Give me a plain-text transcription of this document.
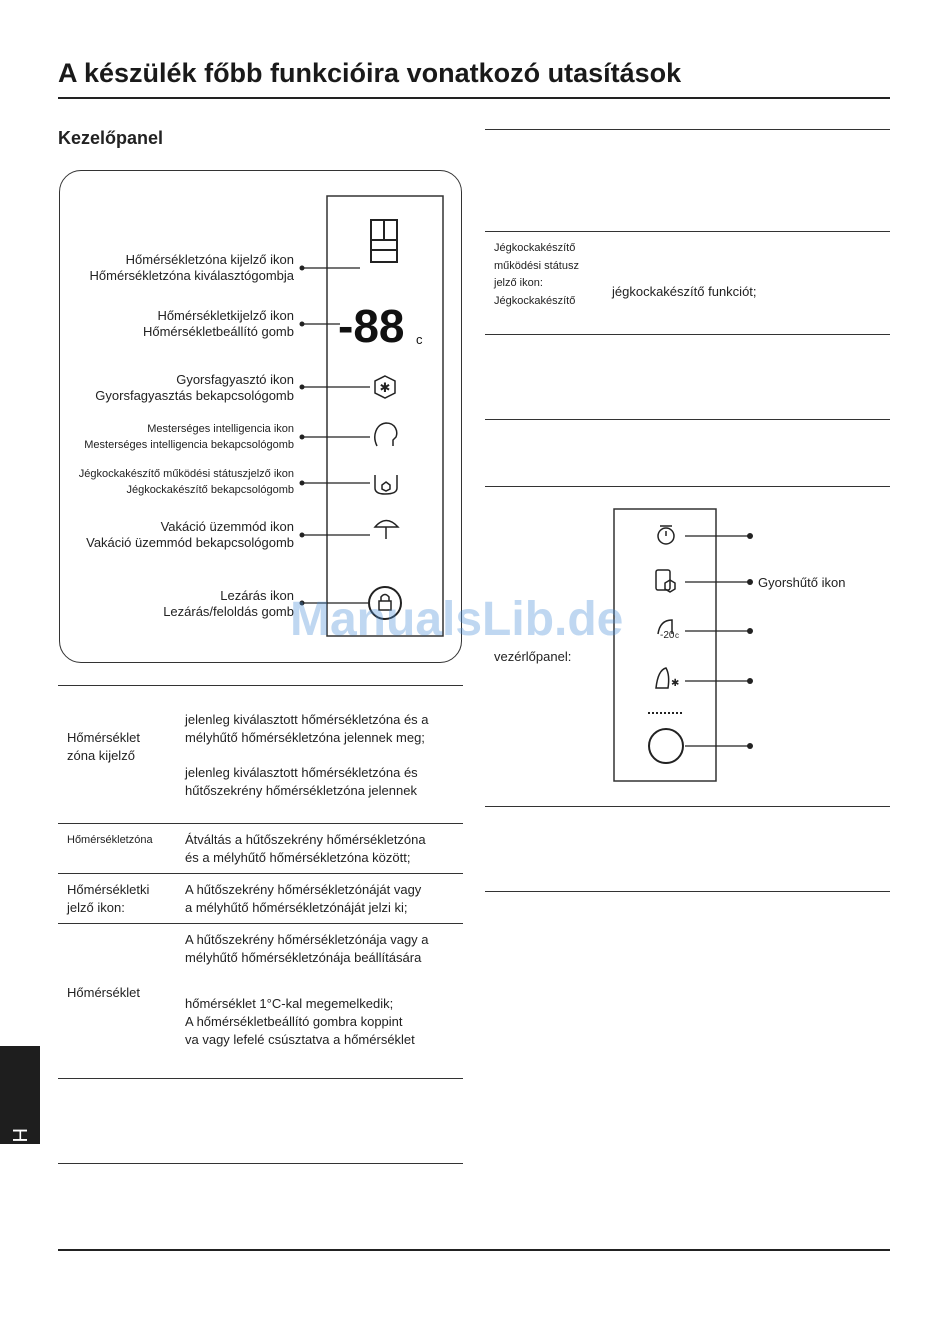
A készülék főbb funkcióira vonatkozó utasítások
Kezelőpanel
-88 c
✱
Hőmérsékletzóna kijelző ikon
Hőmérsékletzóna kiválasztógombja
Hőmérsékletkijelző ikon
Hőmérsékletbeállító gomb
Gyorsfagyasztó ikon
Gyorsfagyasztás bekapcsológomb
Mesterséges intelligencia ikon
Mesterséges intelligencia bekapcsológomb
Jégkockakészítő működési státuszjelző ikon
Jégkockakészítő bekapcsológomb
Vakáció üzemmód ikon
Vakáció üzemmód bekapcsológomb
Lezárás ikon
Lezárás/feloldás gomb
Hőmérséklet
zóna kijelző
jelenleg kiválasztott hőmérsékletzóna és a
mélyhűtő hőmérsékletzóna jelennek meg;
jelenleg kiválasztott hőmérsékletzóna és
hűtőszekrény hőmérsékletzóna jelennek
Hőmérsékletzóna Átváltás a hűtőszekrény hőmérsékletzóna
és a mélyhűtő hőmérsékletzóna között;
Hőmérsékletki
jelző ikon:
A hűtőszekrény hőmérsékletzónáját vagy
a mélyhűtő hőmérsékletzónáját jelzi ki;
Hőmérséklet
A hűtőszekrény hőmérsékletzónája vagy a
mélyhűtő hőmérsékletzónája beállítására
hőmérséklet 1°C-kal megemelkedik;
A hőmérsékletbeállító gombra koppint
va vagy lefelé csúsztatva a hőmérséklet
Jégkockakészítő
működési státusz
jelző ikon:
Jégkockakészítő
jégkockakészítő funkciót;
vezérlőpanel:
-20 c
✱
Gyorshűtő ikon
HU
ManualsLib.de
